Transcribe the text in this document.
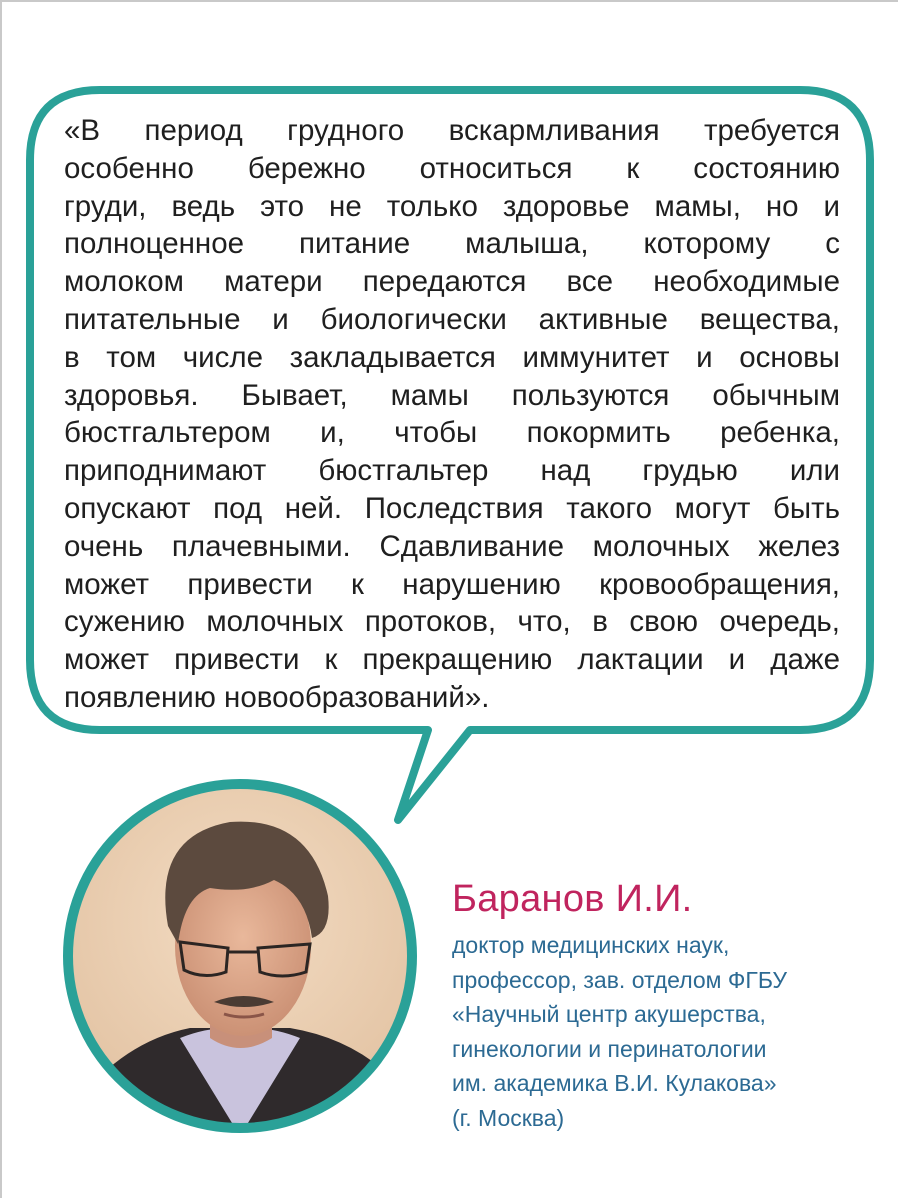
«В период грудного вскармливания требуется
особенно бережно относиться к состоянию
груди, ведь это не только здоровье мамы, но и
полноценное питание малыша, которому с
молоком матери передаются все необходимые
питательные и биологически активные вещества,
в том числе закладывается иммунитет и основы
здоровья. Бывает, мамы пользуются обычным
бюстгальтером и, чтобы покормить ребенка,
приподнимают бюстгальтер над грудью или
опускают под ней. Последствия такого могут быть
очень плачевными. Сдавливание молочных желез
может привести к нарушению кровообращения,
сужению молочных протоков, что, в свою очередь,
может привести к прекращению лактации и даже
появлению новообразований».
Баранов И.И.
доктор медицинских наук,
профессор, зав. отделом ФГБУ
«Научный центр акушерства,
гинекологии и перинатологии
им. академика В.И. Кулакова»
(г. Москва)
